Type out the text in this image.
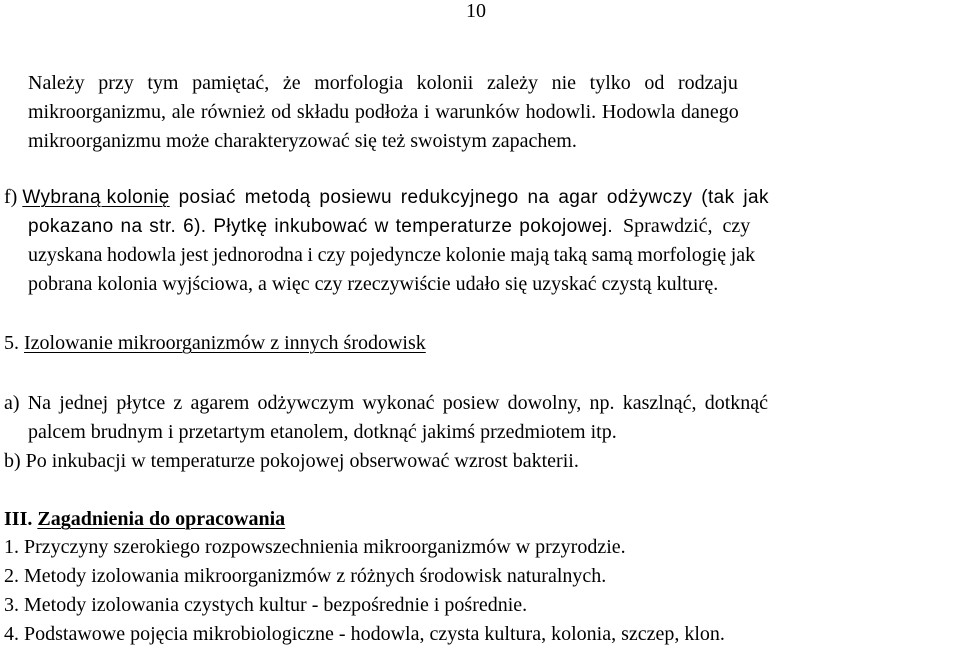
10
Należy przy tym pamiętać, że morfologia kolonii zależy nie tylko od rodzaju
mikroorganizmu, ale również od składu podłoża i warunków hodowli. Hodowla danego
mikroorganizmu może charakteryzować się też swoistym zapachem.
f) Wybraną kolonię posiać metodą posiewu redukcyjnego na agar odżywczy (tak jak
pokazano na str. 6). Płytkę inkubować w temperaturze pokojowej. Sprawdzić, czy
uzyskana hodowla jest jednorodna i czy pojedyncze kolonie mają taką samą morfologię jak
pobrana kolonia wyjściowa, a więc czy rzeczywiście udało się uzyskać czystą kulturę.
5. Izolowanie mikroorganizmów z innych środowisk
a) Na jednej płytce z agarem odżywczym wykonać posiew dowolny, np. kaszlnąć, dotknąć
palcem brudnym i przetartym etanolem, dotknąć jakimś przedmiotem itp.
b) Po inkubacji w temperaturze pokojowej obserwować wzrost bakterii.
III. Zagadnienia do opracowania
1. Przyczyny szerokiego rozpowszechnienia mikroorganizmów w przyrodzie.
2. Metody izolowania mikroorganizmów z różnych środowisk naturalnych.
3. Metody izolowania czystych kultur - bezpośrednie i pośrednie.
4. Podstawowe pojęcia mikrobiologiczne - hodowla, czysta kultura, kolonia, szczep, klon.
